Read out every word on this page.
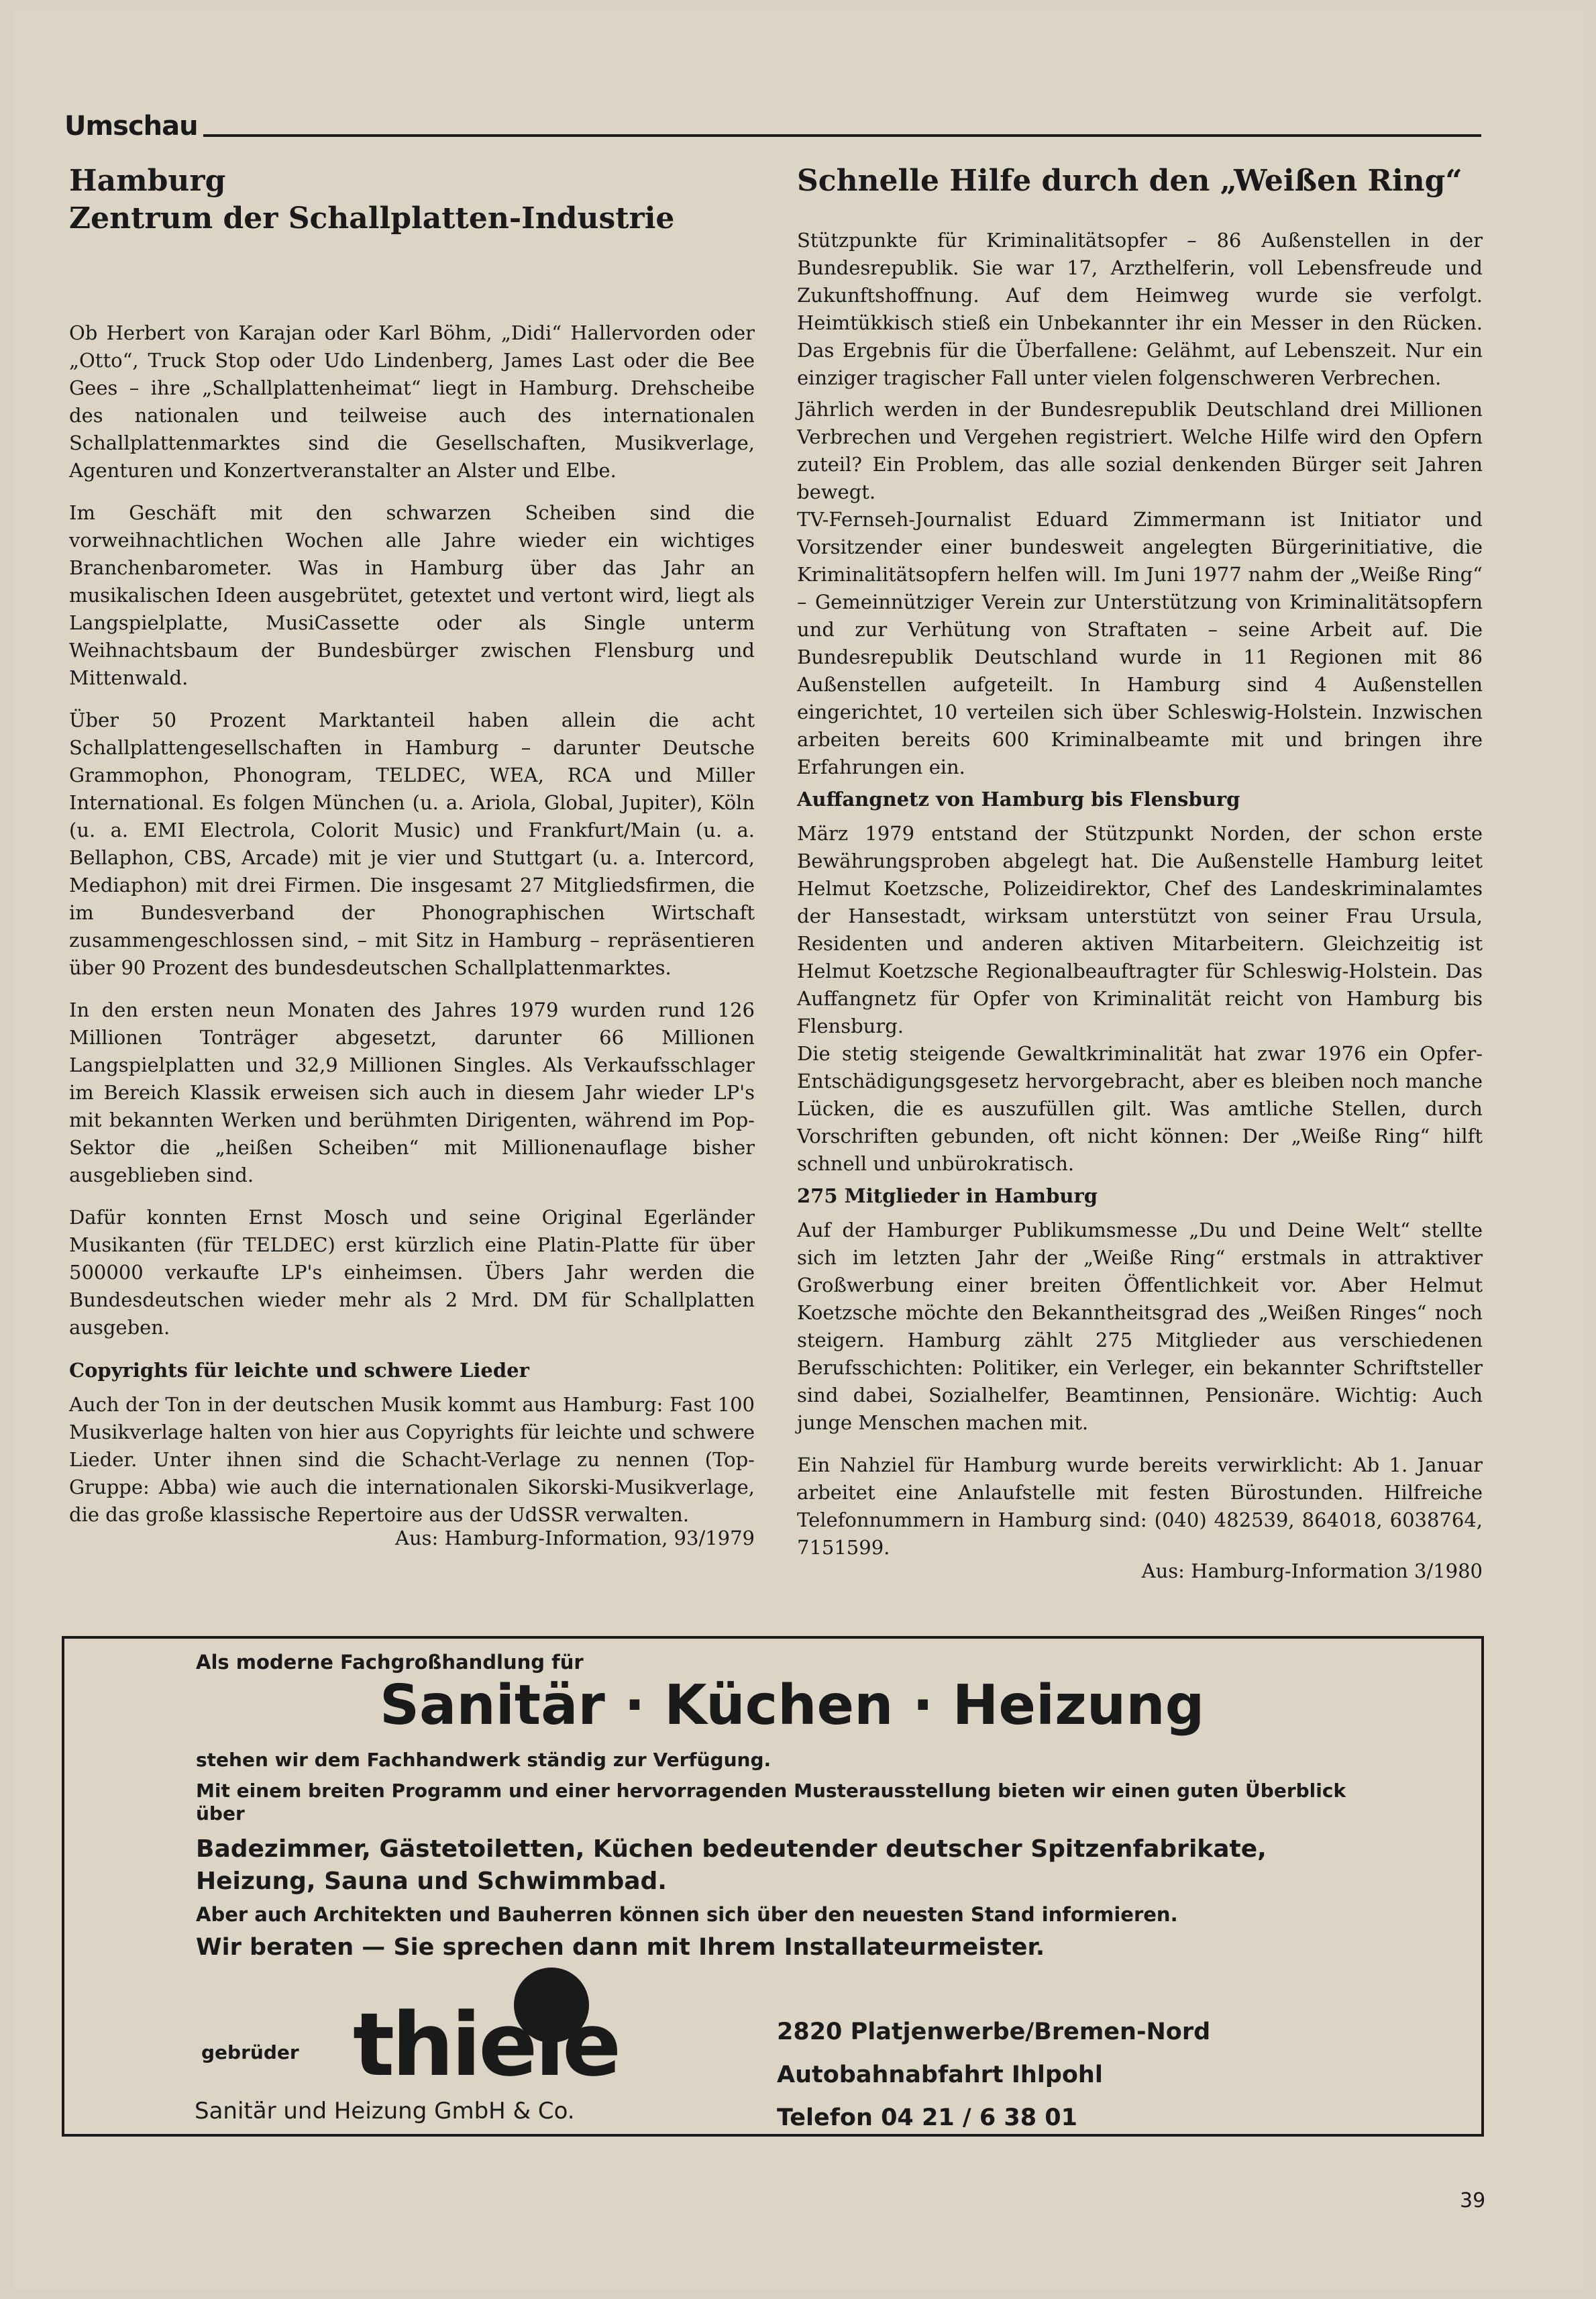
Umschau
Hamburg
Zentrum der Schallplatten-Industrie

Ob Herbert von Karajan oder Karl Böhm, „Didi“ Hallervorden oder „Otto“, Truck Stop oder Udo Lindenberg, James Last oder die Bee Gees – ihre „Schallplattenheimat“ liegt in Hamburg. Drehscheibe des nationalen und teilweise auch des internationalen Schallplattenmarktes sind die Gesellschaften, Musikverlage, Agenturen und Konzertveranstalter an Alster und Elbe.

Im Geschäft mit den schwarzen Scheiben sind die vorweihnachtlichen Wochen alle Jahre wieder ein wichtiges Branchenbarometer. Was in Hamburg über das Jahr an musikalischen Ideen ausgebrütet, getextet und vertont wird, liegt als Langspielplatte, MusiCassette oder als Single unterm Weihnachtsbaum der Bundesbürger zwischen Flensburg und Mittenwald.

Über 50 Prozent Marktanteil haben allein die acht Schallplattengesellschaften in Hamburg – darunter Deutsche Grammophon, Phonogram, TELDEC, WEA, RCA und Miller International. Es folgen München (u. a. Ariola, Global, Jupiter), Köln (u. a. EMI Electrola, Colorit Music) und Frankfurt/Main (u. a. Bellaphon, CBS, Arcade) mit je vier und Stuttgart (u. a. Intercord, Mediaphon) mit drei Firmen. Die insgesamt 27 Mitgliedsfirmen, die im Bundesverband der Phonographischen Wirtschaft zusammengeschlossen sind, – mit Sitz in Hamburg – repräsentieren über 90 Prozent des bundesdeutschen Schallplattenmarktes.

In den ersten neun Monaten des Jahres 1979 wurden rund 126 Millionen Tonträger abgesetzt, darunter 66 Millionen Langspielplatten und 32,9 Millionen Singles. Als Verkaufsschlager im Bereich Klassik erweisen sich auch in diesem Jahr wieder LP's mit bekannten Werken und berühmten Dirigenten, während im Pop-Sektor die „heißen Scheiben“ mit Millionenauflage bisher ausgeblieben sind.

Dafür konnten Ernst Mosch und seine Original Egerländer Musikanten (für TELDEC) erst kürzlich eine Platin-Platte für über 500000 verkaufte LP's einheimsen. Übers Jahr werden die Bundesdeutschen wieder mehr als 2 Mrd. DM für Schallplatten ausgeben.

Copyrights für leichte und schwere Lieder

Auch der Ton in der deutschen Musik kommt aus Hamburg: Fast 100 Musikverlage halten von hier aus Copyrights für leichte und schwere Lieder. Unter ihnen sind die Schacht-Verlage zu nennen (Top-Gruppe: Abba) wie auch die internationalen Sikorski-Musikverlage, die das große klassische Repertoire aus der UdSSR verwalten.

Aus: Hamburg-Information, 93/1979
Schnelle Hilfe durch den „Weißen Ring“

Stützpunkte für Kriminalitätsopfer – 86 Außenstellen in der Bundesrepublik. Sie war 17, Arzthelferin, voll Lebensfreude und Zukunftshoffnung. Auf dem Heimweg wurde sie verfolgt. Heimtükkisch stieß ein Unbekannter ihr ein Messer in den Rücken. Das Ergebnis für die Überfallene: Gelähmt, auf Lebenszeit. Nur ein einziger tragischer Fall unter vielen folgenschweren Verbrechen.

Jährlich werden in der Bundesrepublik Deutschland drei Millionen Verbrechen und Vergehen registriert. Welche Hilfe wird den Opfern zuteil? Ein Problem, das alle sozial denkenden Bürger seit Jahren bewegt.

TV-Fernseh-Journalist Eduard Zimmermann ist Initiator und Vorsitzender einer bundesweit angelegten Bürgerinitiative, die Kriminalitätsopfern helfen will. Im Juni 1977 nahm der „Weiße Ring“ – Gemeinnütziger Verein zur Unterstützung von Kriminalitätsopfern und zur Verhütung von Straftaten – seine Arbeit auf. Die Bundesrepublik Deutschland wurde in 11 Regionen mit 86 Außenstellen aufgeteilt. In Hamburg sind 4 Außenstellen eingerichtet, 10 verteilen sich über Schleswig-Holstein. Inzwischen arbeiten bereits 600 Kriminalbeamte mit und bringen ihre Erfahrungen ein.

Auffangnetz von Hamburg bis Flensburg

März 1979 entstand der Stützpunkt Norden, der schon erste Bewährungsproben abgelegt hat. Die Außenstelle Hamburg leitet Helmut Koetzsche, Polizeidirektor, Chef des Landeskriminalamtes der Hansestadt, wirksam unterstützt von seiner Frau Ursula, Residenten und anderen aktiven Mitarbeitern. Gleichzeitig ist Helmut Koetzsche Regionalbeauftragter für Schleswig-Holstein. Das Auffangnetz für Opfer von Kriminalität reicht von Hamburg bis Flensburg.

Die stetig steigende Gewaltkriminalität hat zwar 1976 ein Opfer-Entschädigungsgesetz hervorgebracht, aber es bleiben noch manche Lücken, die es auszufüllen gilt. Was amtliche Stellen, durch Vorschriften gebunden, oft nicht können: Der „Weiße Ring“ hilft schnell und unbürokratisch.

275 Mitglieder in Hamburg

Auf der Hamburger Publikumsmesse „Du und Deine Welt“ stellte sich im letzten Jahr der „Weiße Ring“ erstmals in attraktiver Großwerbung einer breiten Öffentlichkeit vor. Aber Helmut Koetzsche möchte den Bekanntheitsgrad des „Weißen Ringes“ noch steigern. Hamburg zählt 275 Mitglieder aus verschiedenen Berufsschichten: Politiker, ein Verleger, ein bekannter Schriftsteller sind dabei, Sozialhelfer, Beamtinnen, Pensionäre. Wichtig: Auch junge Menschen machen mit.

Ein Nahziel für Hamburg wurde bereits verwirklicht: Ab 1. Januar arbeitet eine Anlaufstelle mit festen Bürostunden. Hilfreiche Telefonnummern in Hamburg sind: (040) 482539, 864018, 6038764, 7151599.

Aus: Hamburg-Information 3/1980
Als moderne Fachgroßhandlung für
Sanitär · Küchen · Heizung
stehen wir dem Fachhandwerk ständig zur Verfügung.
Mit einem breiten Programm und einer hervorragenden Musterausstellung bieten wir einen guten Überblick über
Badezimmer, Gästetoiletten, Küchen bedeutender deutscher Spitzenfabrikate, Heizung, Sauna und Schwimmbad.
Aber auch Architekten und Bauherren können sich über den neuesten Stand informieren.
Wir beraten — Sie sprechen dann mit Ihrem Installateurmeister.
gebrüder thiele
Sanitär und Heizung GmbH & Co.
2820 Platjenwerbe/Bremen-Nord
Autobahnabfahrt Ihlpohl
Telefon 04 21 / 6 38 01
39
